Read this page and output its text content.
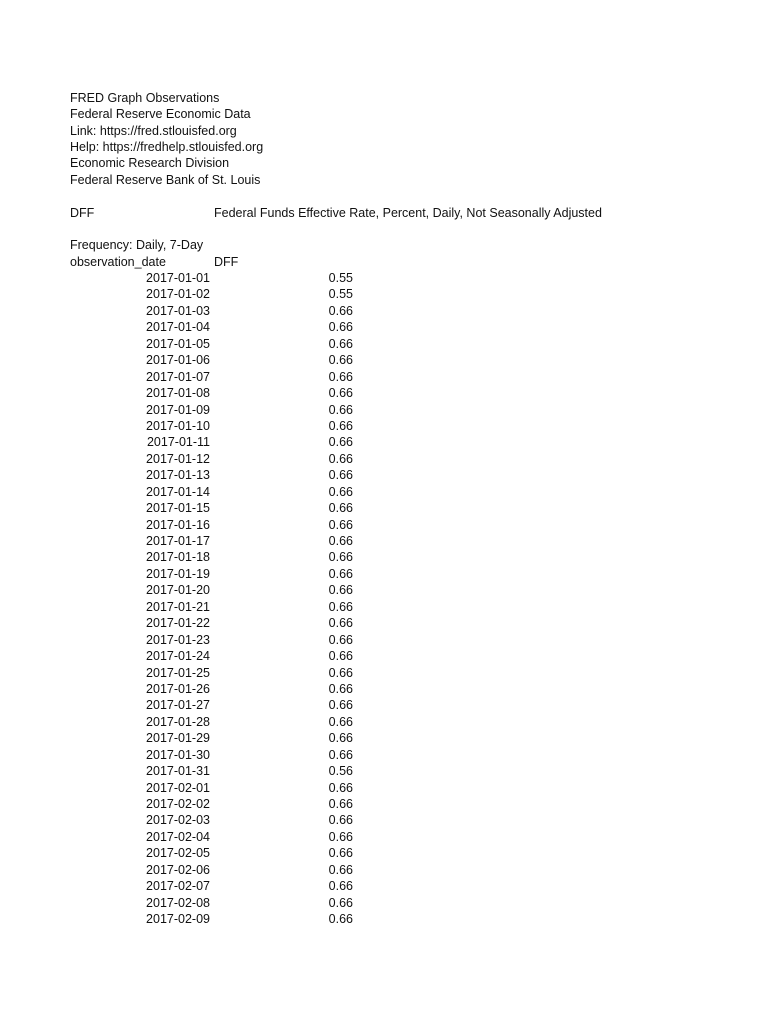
FRED Graph Observations
Federal Reserve Economic Data
Link: https://fred.stlouisfed.org
Help: https://fredhelp.stlouisfed.org
Economic Research Division
Federal Reserve Bank of St. Louis
DFF	Federal Funds Effective Rate, Percent, Daily, Not Seasonally Adjusted
Frequency: Daily, 7-Day
observation_date	DFF
2017-01-01	0.55
2017-01-02	0.55
2017-01-03	0.66
2017-01-04	0.66
2017-01-05	0.66
2017-01-06	0.66
2017-01-07	0.66
2017-01-08	0.66
2017-01-09	0.66
2017-01-10	0.66
2017-01-11	0.66
2017-01-12	0.66
2017-01-13	0.66
2017-01-14	0.66
2017-01-15	0.66
2017-01-16	0.66
2017-01-17	0.66
2017-01-18	0.66
2017-01-19	0.66
2017-01-20	0.66
2017-01-21	0.66
2017-01-22	0.66
2017-01-23	0.66
2017-01-24	0.66
2017-01-25	0.66
2017-01-26	0.66
2017-01-27	0.66
2017-01-28	0.66
2017-01-29	0.66
2017-01-30	0.66
2017-01-31	0.56
2017-02-01	0.66
2017-02-02	0.66
2017-02-03	0.66
2017-02-04	0.66
2017-02-05	0.66
2017-02-06	0.66
2017-02-07	0.66
2017-02-08	0.66
2017-02-09	0.66
